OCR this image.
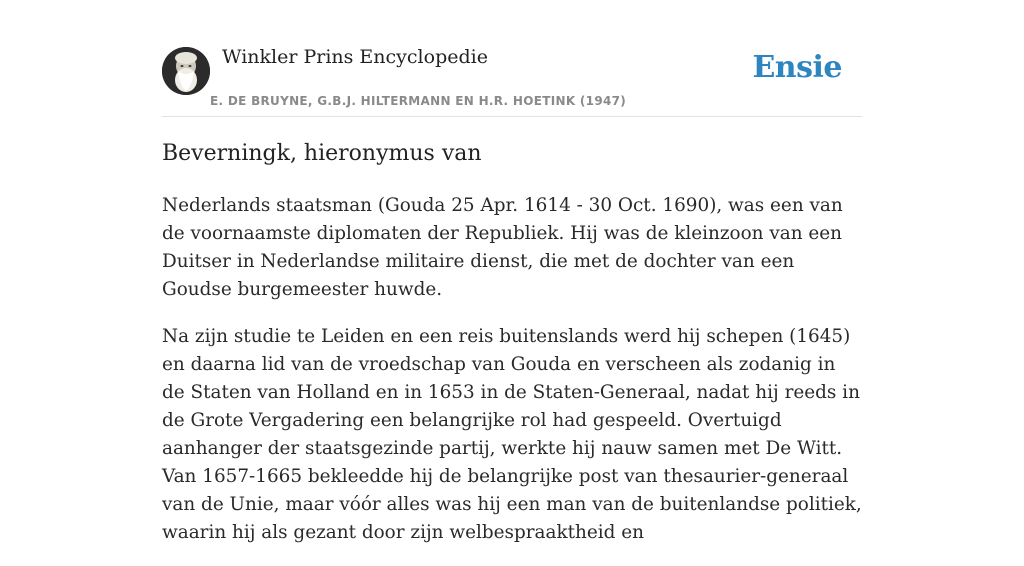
Winkler Prins Encyclopedie
E. DE BRUYNE, G.B.J. HILTERMANN EN H.R. HOETINK (1947)
Ensie
Beverningk, hieronymus van

Nederlands staatsman (Gouda 25 Apr. 1614 - 30 Oct. 1690), was een van de voornaamste diplomaten der Republiek. Hij was de kleinzoon van een Duitser in Nederlandse militaire dienst, die met de dochter van een Goudse burgemeester huwde.

Na zijn studie te Leiden en een reis buitenslands werd hij schepen (1645) en daarna lid van de vroedschap van Gouda en verscheen als zodanig in de Staten van Holland en in 1653 in de Staten-Generaal, nadat hij reeds in de Grote Vergadering een belangrijke rol had gespeeld. Overtuigd aanhanger der staatsgezinde partij, werkte hij nauw samen met De Witt. Van 1657-1665 bekleedde hij de belangrijke post van thesaurier-generaal van de Unie, maar vóór alles was hij een man van de buitenlandse politiek, waarin hij als gezant door zijn welbespraaktheid en
